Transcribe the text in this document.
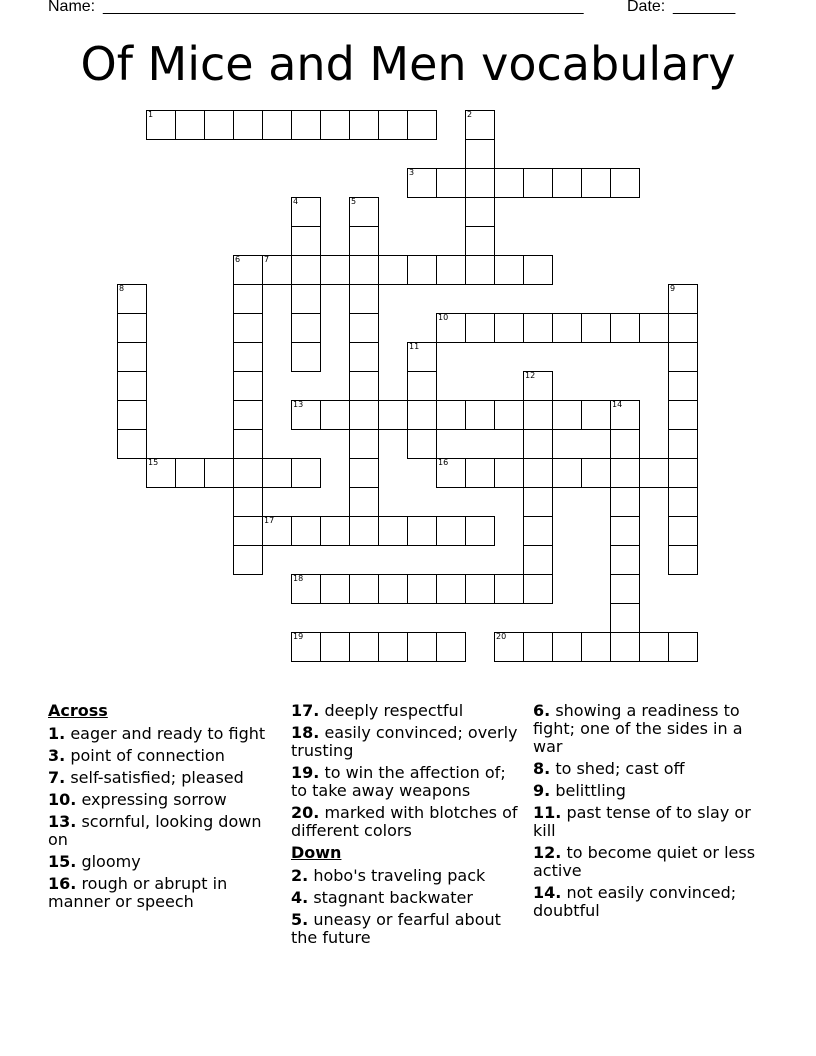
Name: ______________________________________________________	Date: _______
Of Mice and Men vocabulary
1	2
3
4	5
6	7
8	9
10
11
12
13	14
15	16
17
18
19	20
Across
1. eager and ready to fight
3. point of connection
7. self-satisfied; pleased
10. expressing sorrow
13. scornful, looking down on
15. gloomy
16. rough or abrupt in manner or speech
17. deeply respectful
18. easily convinced; overly trusting
19. to win the affection of; to take away weapons
20. marked with blotches of different colors
Down
2. hobo's traveling pack
4. stagnant backwater
5. uneasy or fearful about the future
6. showing a readiness to fight; one of the sides in a war
8. to shed; cast off
9. belittling
11. past tense of to slay or kill
12. to become quiet or less active
14. not easily convinced; doubtful
